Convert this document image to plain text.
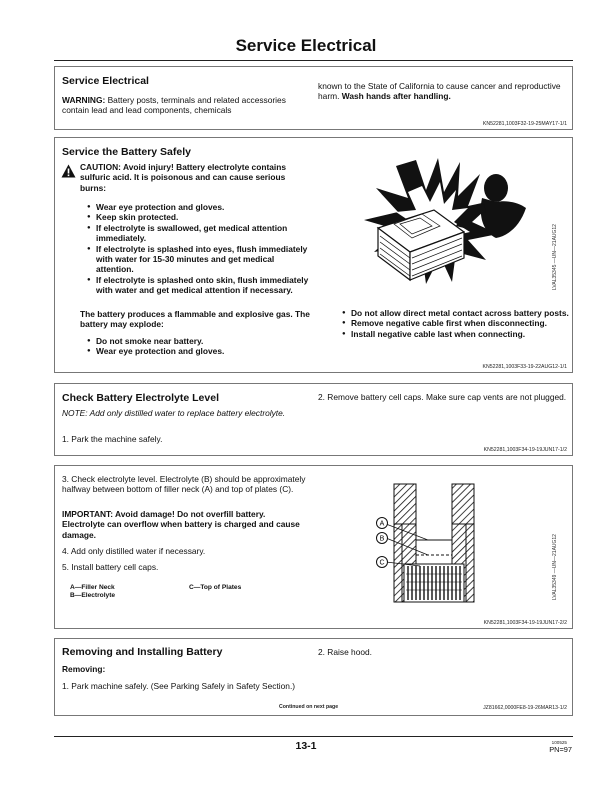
Service Electrical
Service Electrical
WARNING: Battery posts, terminals and related accessories contain lead and lead components, chemicals
known to the State of California to cause cancer and reproductive harm. Wash hands after handling.
KN52281,1003F32-19-25MAY17-1/1
Service the Battery Safely
CAUTION: Avoid injury! Battery electrolyte contains sulfuric acid. It is poisonous and can cause serious burns:
● Wear eye protection and gloves.
● Keep skin protected.
● If electrolyte is swallowed, get medical attention immediately.
● If electrolyte is splashed into eyes, flush immediately with water for 15-30 minutes and get medical attention.
● If electrolyte is splashed onto skin, flush immediately with water and get medical attention if necessary.
The battery produces a flammable and explosive gas. The battery may explode:
● Do not smoke near battery.
● Wear eye protection and gloves.
● Do not allow direct metal contact across battery posts.
● Remove negative cable first when disconnecting.
● Install negative cable last when connecting.
LVAL35345 —UN—21AUG12
KN52281,1003F33-19-22AUG12-1/1
Check Battery Electrolyte Level
NOTE: Add only distilled water to replace battery electrolyte.
1. Park the machine safely.
2. Remove battery cell caps. Make sure cap vents are not plugged.
KN52281,1003F34-19-19JUN17-1/2
3. Check electrolyte level. Electrolyte (B) should be approximately halfway between bottom of filler neck (A) and top of plates (C).
IMPORTANT: Avoid damage! Do not overfill battery. Electrolyte can overflow when battery is charged and cause damage.
4. Add only distilled water if necessary.
5. Install battery cell caps.
A—Filler Neck
B—Electrolyte
C—Top of Plates
A
B
C	LVAL35349 —UN—21AUG12
KN52281,1003F34-19-19JUN17-2/2
Removing and Installing Battery
Removing:
1. Park machine safely. (See Parking Safely in Safety Section.)
2. Raise hood.
Continued on next page	JZ81662,0000FE8-19-26MAR13-1/2
13-1	100525
PN=97
